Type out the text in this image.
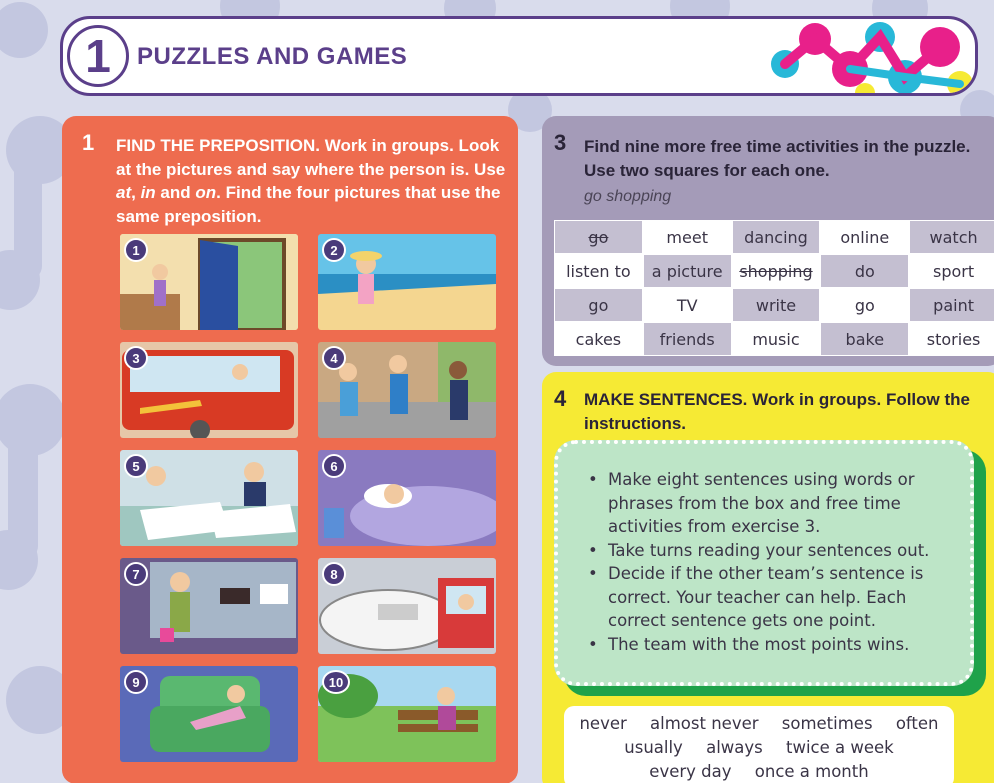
1 PUZZLES AND GAMES
1 FIND THE PREPOSITION. Work in groups. Look at the pictures and say where the person is. Use at, in and on. Find the four pictures that use the same preposition.
1	2
3	4
5	6
7	8
9	10
3 Find nine more free time activities in the puzzle. Use two squares for each one.
go shopping
go	meet	dancing	online	watch
listen to	a picture	shopping	do	sport
go	TV	write	go	paint
cakes	friends	music	bake	stories
4 MAKE SENTENCES. Work in groups. Follow the instructions.
• Make eight sentences using words or phrases from the box and free time activities from exercise 3.
• Take turns reading your sentences out.
• Decide if the other team’s sentence is correct. Your teacher can help. Each correct sentence gets one point.
• The team with the most points wins.
never almost never sometimes often
usually always twice a week
every day once a month
